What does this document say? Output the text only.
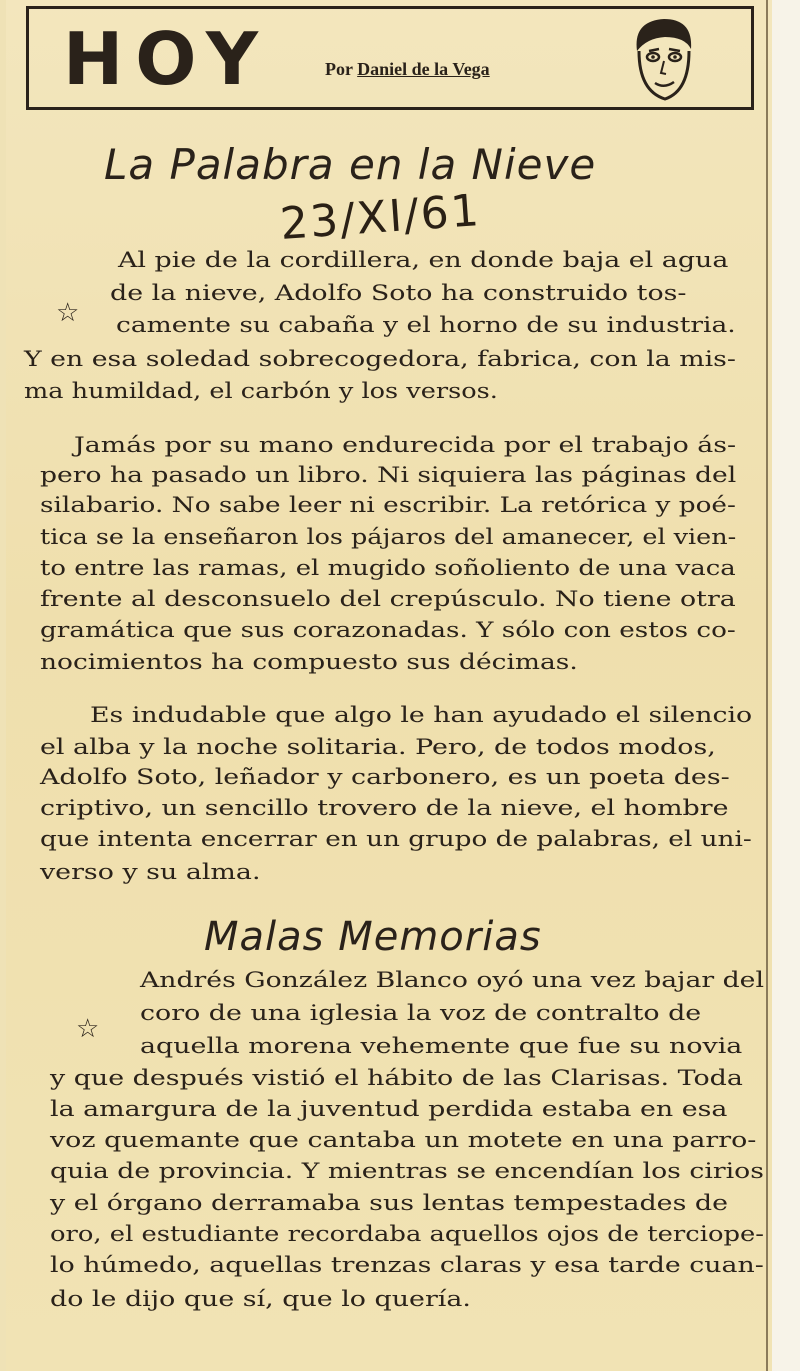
HOY	Por Daniel de la Vega
La Palabra en la Nieve
23/XI/61
☆

Al pie de la cordillera, en donde baja el agua

de la nieve, Adolfo Soto ha construido tos-

camente su cabaña y el horno de su industria.

Y en esa soledad sobrecogedora, fabrica, con la mis-

ma humildad, el carbón y los versos.

Jamás por su mano endurecida por el trabajo ás-

pero ha pasado un libro. Ni siquiera las páginas del

silabario. No sabe leer ni escribir. La retórica y poé-

tica se la enseñaron los pájaros del amanecer, el vien-

to entre las ramas, el mugido soñoliento de una vaca

frente al desconsuelo del crepúsculo. No tiene otra

gramática que sus corazonadas. Y sólo con estos co-

nocimientos ha compuesto sus décimas.

Es indudable que algo le han ayudado el silencio

el alba y la noche solitaria. Pero, de todos modos,

Adolfo Soto, leñador y carbonero, es un poeta des-

criptivo, un sencillo trovero de la nieve, el hombre

que intenta encerrar en un grupo de palabras, el uni-

verso y su alma.

Malas Memorias
☆

Andrés González Blanco oyó una vez bajar del

coro de una iglesia la voz de contralto de

aquella morena vehemente que fue su novia

y que después vistió el hábito de las Clarisas. Toda

la amargura de la juventud perdida estaba en esa

voz quemante que cantaba un motete en una parro-

quia de provincia. Y mientras se encendían los cirios

y el órgano derramaba sus lentas tempestades de

oro, el estudiante recordaba aquellos ojos de terciope-

lo húmedo, aquellas trenzas claras y esa tarde cuan-

do le dijo que sí, que lo quería.
